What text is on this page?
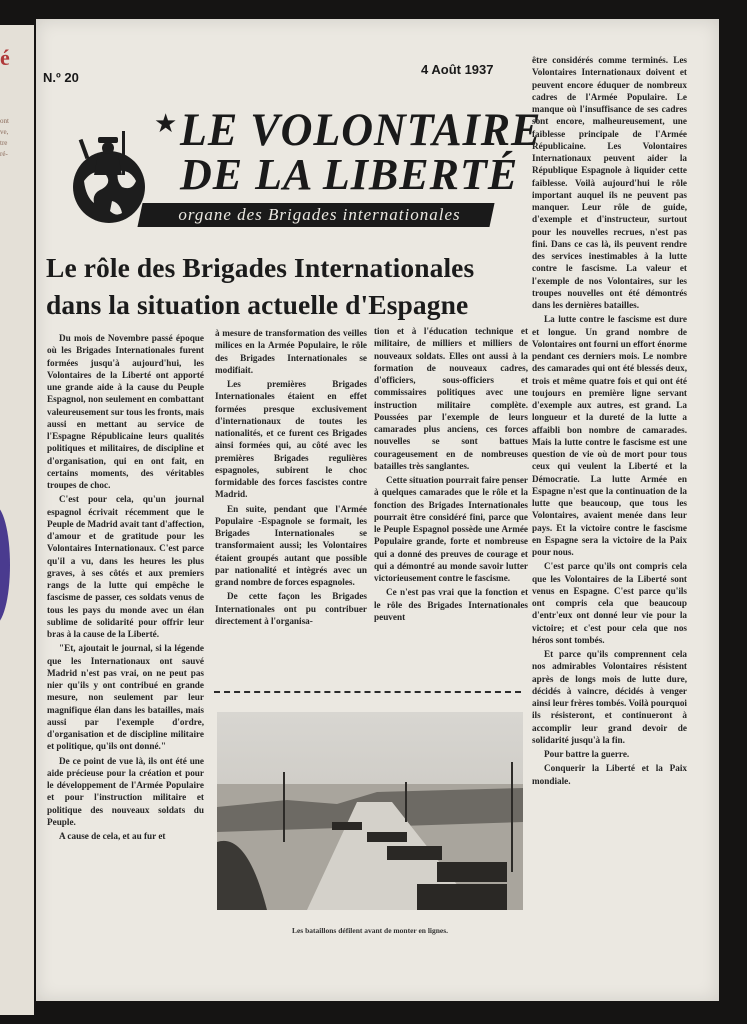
é
ont
ve,
tre
ré-
N.º 20
4 Août 1937
★ LE VOLONTAIRE
DE LA LIBERTÉ
organe des Brigades internationales
Le rôle des Brigades Internationales dans la situation actuelle d'Espagne

Du mois de Novembre passé époque où les Brigades Internationales furent formées jusqu'à aujourd'hui, les Volontaires de la Liberté ont apporté une grande aide à la cause du Peuple Espagnol, non seulement en combattant valeureusement sur tous les fronts, mais aussi en mettant au service de l'Espagne Républicaine leurs qualités politiques et militaires, de discipline et d'organisation, qui en ont fait, en certains moments, des véritables troupes de choc.

C'est pour cela, qu'un journal espagnol écrivait récemment que le Peuple de Madrid avait tant d'affection, d'amour et de gratitude pour les Volontaires Internationaux. C'est parce qu'il a vu, dans les heures les plus graves, à ses côtés et aux premiers rangs de la lutte qui empêche le fascisme de passer, ces soldats venus de tous les pays du monde avec un élan sublime de solidarité pour offrir leur bras à la cause de la Liberté.

"Et, ajoutait le journal, si la légende que les Internationaux ont sauvé Madrid n'est pas vrai, on ne peut pas nier qu'ils y ont contribué en grande mesure, non seulement par leur magnifique élan dans les batailles, mais aussi par l'exemple d'ordre, d'organisation et de discipline militaire et politique, qu'ils ont donné."

De ce point de vue là, ils ont été une aide précieuse pour la création et pour le développement de l'Armée Populaire et pour l'instruction militaire et politique des nouveaux soldats du Peuple.

A cause de cela, et au fur et

à mesure de transformation des veilles milices en la Armée Populaire, le rôle des Brigades Internationales se modifiait.

Les premières Brigades Internationales étaient en effet formées presque exclusivement d'internationaux de toutes les nationalités, et ce furent ces Brigades ainsi formées qui, au côté avec les premières Brigades regulières espagnoles, subirent le choc formidable des forces fascistes contre Madrid.

En suite, pendant que l'Armée Populaire -Espagnole se formait, les Brigades Internationales se transformaient aussi; les Volontaires étaient groupés autant que possible par nationalité et intègrés avec un grand nombre de forces espagnoles.

De cette façon les Brigades Internationales ont pu contribuer directement à l'organisa-

tion et à l'éducation technique et militaire, de milliers et milliers de nouveaux soldats. Elles ont aussi à la formation de nouveaux cadres, d'officiers, sous-officiers et commissaires politiques avec une instruction militaire complète. Poussées par l'exemple de leurs camarades plus anciens, ces forces nouvelles se sont battues courageusement en de nombreuses batailles très sanglantes.

Cette situation pourrait faire penser à quelques camarades que le rôle et la fonction des Brigades Internationales pourrait être considéré fini, parce que le Peuple Espagnol possède une Armée Populaire grande, forte et nombreuse qui a donné des preuves de courage et qui a démontré au monde savoir lutter victorieusement contre le fascisme.

Ce n'est pas vrai que la fonction et le rôle des Brigades Internationales peuvent

être considérés comme terminés. Les Volontaires Internationaux doivent et peuvent encore éduquer de nombreux cadres de l'Armée Populaire. Le manque où l'insuffisance de ses cadres sont encore, malheureusement, une faiblesse principale de l'Armée Républicaine. Les Volontaires Internationaux peuvent aider la République Espagnole à liquider cette faiblesse. Voilà aujourd'hui le rôle important auquel ils ne peuvent pas manquer. Leur rôle de guide, d'exemple et d'instructeur, surtout pour les nouvelles recrues, n'est pas fini. Dans ce cas là, ils peuvent rendre des services inestimables à la lutte contre le fascisme. La valeur et l'exemple de nos Volontaires, sur les troupes nouvelles ont été démontrés dans les dernières batailles.

La lutte contre le fascisme est dure et longue. Un grand nombre de Volontaires ont fourni un effort énorme pendant ces derniers mois. Le nombre des camarades qui ont été blessés deux, trois et même quatre fois et qui ont été toujours en première ligne servant d'exemple aux autres, est grand. La longueur et la dureté de la lutte a affaibli bon nombre de camarades. Mais la lutte contre le fascisme est une question de vie où de mort pour tous ceux qui veulent la Liberté et la Démocratie. La lutte Armée en Espagne n'est que la continuation de la lutte que beaucoup, que tous les Volontaires, avaient menée dans leur pays. Et la victoire contre le fascisme en Espagne sera la victoire de la Paix pour nous.

C'est parce qu'ils ont compris cela que les Volontaires de la Liberté sont venus en Espagne. C'est parce qu'ils ont compris cela que beaucoup d'entr'eux ont donné leur vie pour la victoire; et c'est pour cela que nos héros sont tombés.

Et parce qu'ils comprennent cela nos admirables Volontaires résistent après de longs mois de lutte dure, décidés à vaincre, décidés à venger ainsi leur frères tombés. Voilà pourquoi ils résisteront, et continueront à accomplir leur grand devoir de solidarité jusqu'à la fin.

Pour battre la guerre.

Conquerir la Liberté et la Paix mondiale.

Les bataillons défilent avant de monter en lignes.
